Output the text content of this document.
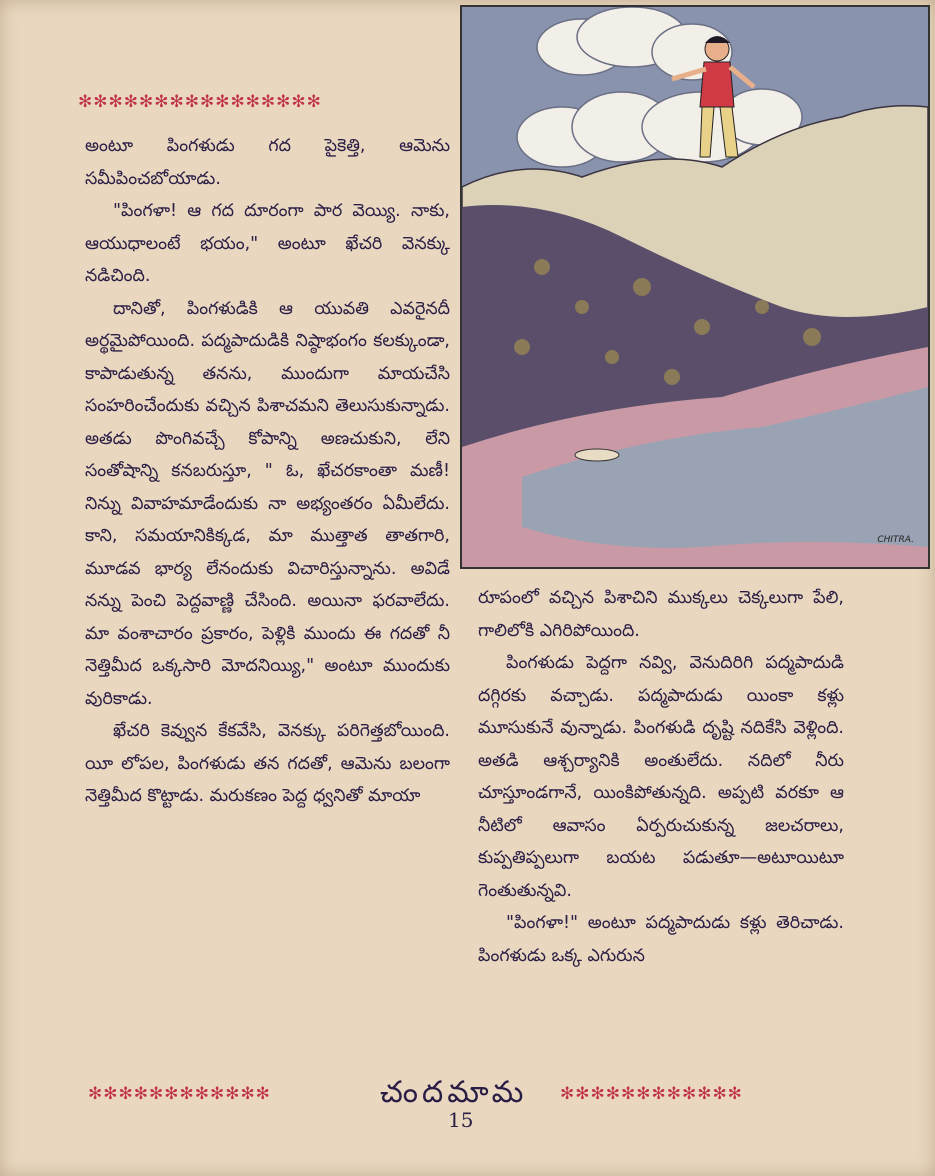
✻✻✻✻✻✻✻✻✻✻✻✻✻✻✻✻

అంటూ పింగళుడు గద పైకెత్తి, ఆమెను సమీపించబోయాడు.

"పింగళా! ఆ గద దూరంగా పార వెయ్యి. నాకు, ఆయుధాలంటే భయం," అంటూ ఖేచరి వెనక్కు నడిచింది.

దానితో, పింగళుడికి ఆ యువతి ఎవరైనదీ అర్థమైపోయింది. పద్మపాదుడికి నిష్ఠాభంగం కలక్కుండా, కాపాడుతున్న తనను, ముందుగా మాయచేసి సంహరించేందుకు వచ్చిన పిశాచమని తెలుసుకున్నాడు. అతడు పొంగివచ్చే కోపాన్ని అణచుకుని, లేని సంతోషాన్ని కనబరుస్తూ, " ఓ, ఖేచరకాంతా మణీ! నిన్ను వివాహమాడేందుకు నా అభ్యంతరం ఏమీలేదు. కాని, సమయానికిక్కడ, మా ముత్తాత తాతగారి, మూడవ భార్య లేనందుకు విచారిస్తున్నాను. అవిడే నన్ను పెంచి పెద్దవాణ్ణి చేసింది. అయినా ఫరవాలేదు. మా వంశాచారం ప్రకారం, పెళ్లికి ముందు ఈ గదతో నీ నెత్తిమీద ఒక్కసారి మోదనియ్యి," అంటూ ముందుకు వురికాడు.

ఖేచరి కెవ్వున కేకవేసి, వెనక్కు పరిగెత్తబోయింది. యీ లోపల, పింగళుడు తన గదతో, ఆమెను బలంగా నెత్తిమీద కొట్టాడు. మరుకణం పెద్ద ధ్వనితో మాయా

CHITRA.

రూపంలో వచ్చిన పిశాచిని ముక్కలు చెక్కలుగా పేలి, గాలిలోకి ఎగిరిపోయింది.

పింగళుడు పెద్దగా నవ్వి, వెనుదిరిగి పద్మపాదుడి దగ్గిరకు వచ్చాడు. పద్మపాదుడు యింకా కళ్లు మూసుకునే వున్నాడు. పింగళుడి దృష్టి నదికేసి వెళ్లింది. అతడి ఆశ్చర్యానికి అంతులేదు. నదిలో నీరు చూస్తూండగానే, యింకిపోతున్నది. అప్పటి వరకూ ఆ నీటిలో ఆవాసం ఏర్పరుచుకున్న జలచరాలు, కుప్పతిప్పలుగా బయట పడుతూ—అటూయిటూ గెంతుతున్నవి.

"పింగళా!" అంటూ పద్మపాదుడు కళ్లు తెరిచాడు. పింగళుడు ఒక్క ఎగురున

✻✻✻✻✻✻✻✻✻✻✻✻	చందమామ ✻✻✻✻✻✻✻✻✻✻✻✻
15
